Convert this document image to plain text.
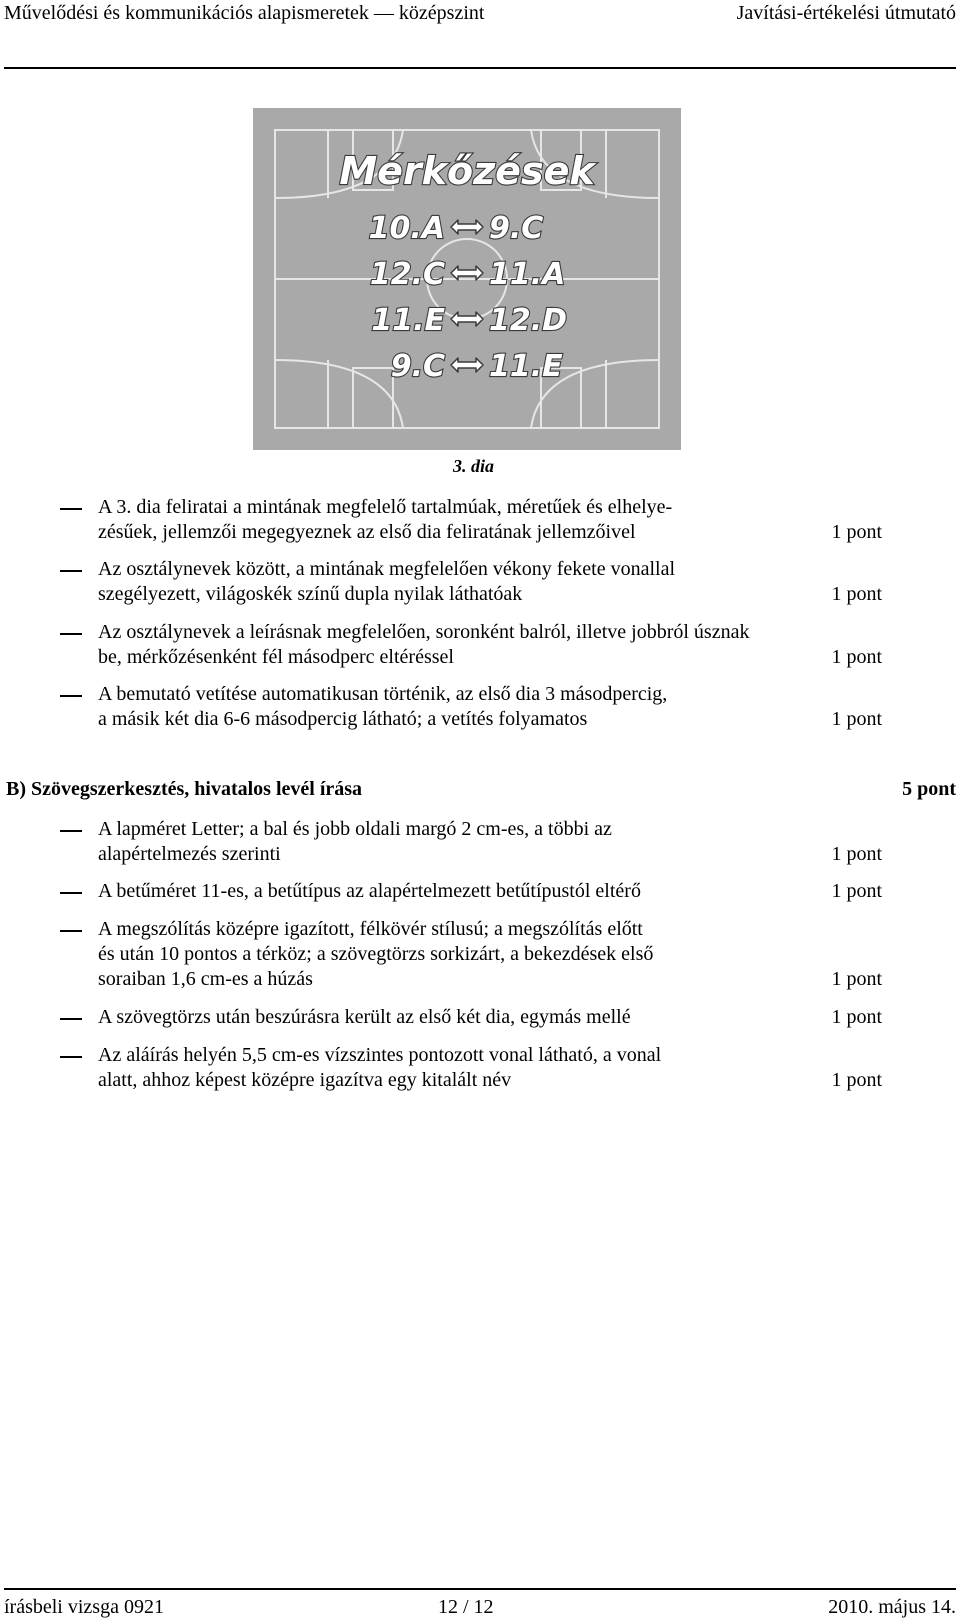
Művelődési és kommunikációs alapismeretek — középszint	Javítási-értékelési útmutató
Mérkőzések
10.A 9.C
12.C 11.A
11.E 12.D
9.C 11.E
3. dia
A 3. dia feliratai a mintának megfelelő tartalmúak, méretűek és elhelye-
zésűek, jellemzői megegyeznek az első dia feliratának jellemzőivel	1 pont
Az osztálynevek között, a mintának megfelelően vékony fekete vonallal
szegélyezett, világoskék színű dupla nyilak láthatóak	1 pont
Az osztálynevek a leírásnak megfelelően, soronként balról, illetve jobbról úsznak
be, mérkőzésenként fél másodperc eltéréssel	1 pont
A bemutató vetítése automatikusan történik, az első dia 3 másodpercig,
a másik két dia 6-6 másodpercig látható; a vetítés folyamatos	1 pont
B) Szövegszerkesztés, hivatalos levél írása	5 pont
A lapméret Letter; a bal és jobb oldali margó 2 cm-es, a többi az
alapértelmezés szerinti	1 pont
A betűméret 11-es, a betűtípus az alapértelmezett betűtípustól eltérő	1 pont
A megszólítás középre igazított, félkövér stílusú; a megszólítás előtt
és után 10 pontos a térköz; a szövegtörzs sorkizárt, a bekezdések első
soraiban 1,6 cm-es a húzás	1 pont
A szövegtörzs után beszúrásra került az első két dia, egymás mellé	1 pont
Az aláírás helyén 5,5 cm-es vízszintes pontozott vonal látható, a vonal
alatt, ahhoz képest középre igazítva egy kitalált név	1 pont
írásbeli vizsga 0921	12 / 12	2010. május 14.
